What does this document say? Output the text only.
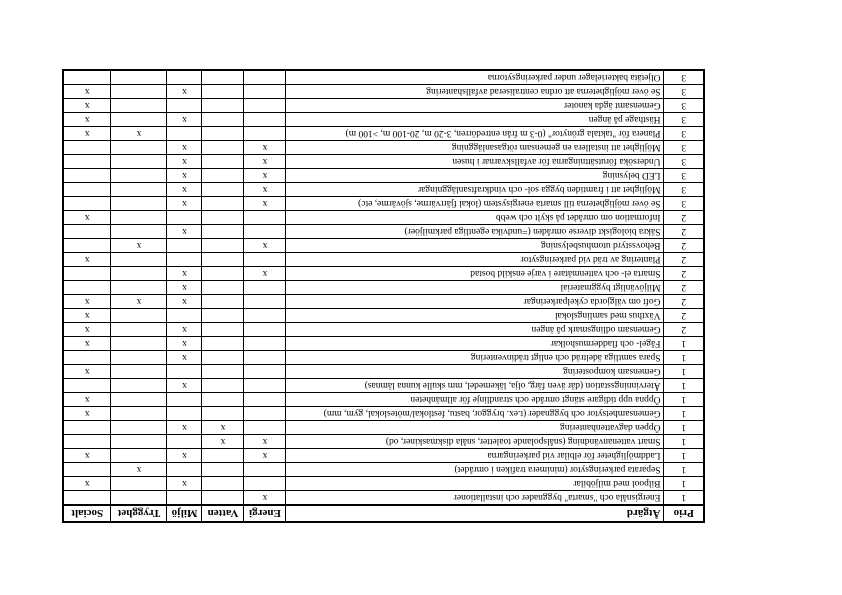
Prio	Åtgärd	Energi	Vatten	Miljö	Trygghet	Socialt
1	Energisnåla och "smarta" byggnader och installationer	x				
1	Bilpool med miljöbilar			x		x
1	Separata parkeringsytor (minimera trafiken i området)				x	
1	Laddmöjligheter för elbilar vid parkeringarna	x		x		x
1	Smart vattenanvändning (snålspolande toaletter, snåla diskmaskiner, od)	x	x			
1	Öppen dagvattenhantering		x	x		
1	Gemensamhetsytor och byggnader (t.ex. bryggor, bastu, festlokal/möteslokal, gym, mm)					x
1	Öppna upp tidigare stängt område och strandlinje för allmänheten					x
1	Återvinningsstation (där även färg, olja, läkemedel, mm skulle kunna lämnas)			x		
1	Gemensam kompostering					x
1	Spara samtliga ädelträd och enligt trädinventering			x		
1	Fågel- och fladdermusholkar			x		x
2	Gemensam odlingsmark på ängen			x		x
2	Växthus med samlingslokal					x
2	Goft om välgjorda cykelparkeringar			x	x	x
2	Miljövänligt byggmaterial			x		
2	Smarta el- och vattenmätare i varje enskild bostad	x		x		
2	Plantering av träd vid parkeringsytor					x
2	Behovsstyrd utomhusbelysning	x			x	
2	Säkra biologiskt diverse områden (=undvika egentliga parkmiljöer)			x		
2	Information om området på skylt och webb					x
3	Se över möjligheterna till smarta energisystem (lokal fjärrvärme, sjövärme, etc)	x		x		
3	Möjlighet att i framtiden bygga sol- och vindkraftsanläggningar	x		x		
3	LED belysning	x		x		
3	Undersöka förutsättningarna för avfallskvarnar i husen	x		x		
3	Möjlighet att installera en gemensam rötgasanläggning	x		x		
3	Planera för "taktala grönytor" (0-3 m från entredörren, 3-20 m, 20-100 m, >100 m)				x	x
3	Hästhage på ängen			x		x
3	Gemensamt ägda kanoter					x
3	Se över möjligheterna att ordna centraliserad avfallshantering			x		x
3	Oljetäta bakterielager under parkeringsytorna					
